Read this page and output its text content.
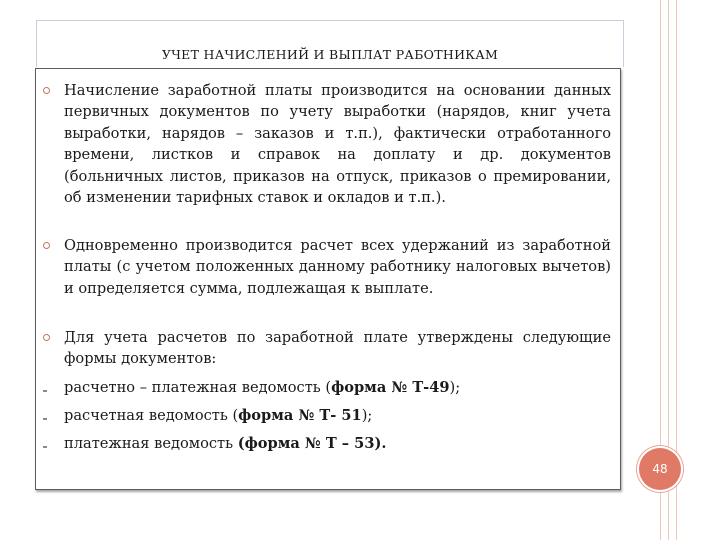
УЧЕТ НАЧИСЛЕНИЙ И ВЫПЛАТ РАБОТНИКАМ
Начисление заработной платы производится на основании данных первичных документов по учету выработки (нарядов, книг учета выработки, нарядов – заказов и т.п.), фактически отработанного времени, листков и справок на доплату и др. документов (больничных листов, приказов на отпуск, приказов о премировании, об изменении тарифных ставок и окладов и т.п.).
Одновременно производится расчет всех удержаний из заработной платы (с учетом положенных данному работнику налоговых вычетов) и определяется сумма, подлежащая к выплате.
Для учета расчетов по заработной плате утверждены следующие формы документов:
расчетно – платежная ведомость (форма № Т-49);
расчетная ведомость (форма № Т- 51);
платежная ведомость (форма № Т – 53).
48
